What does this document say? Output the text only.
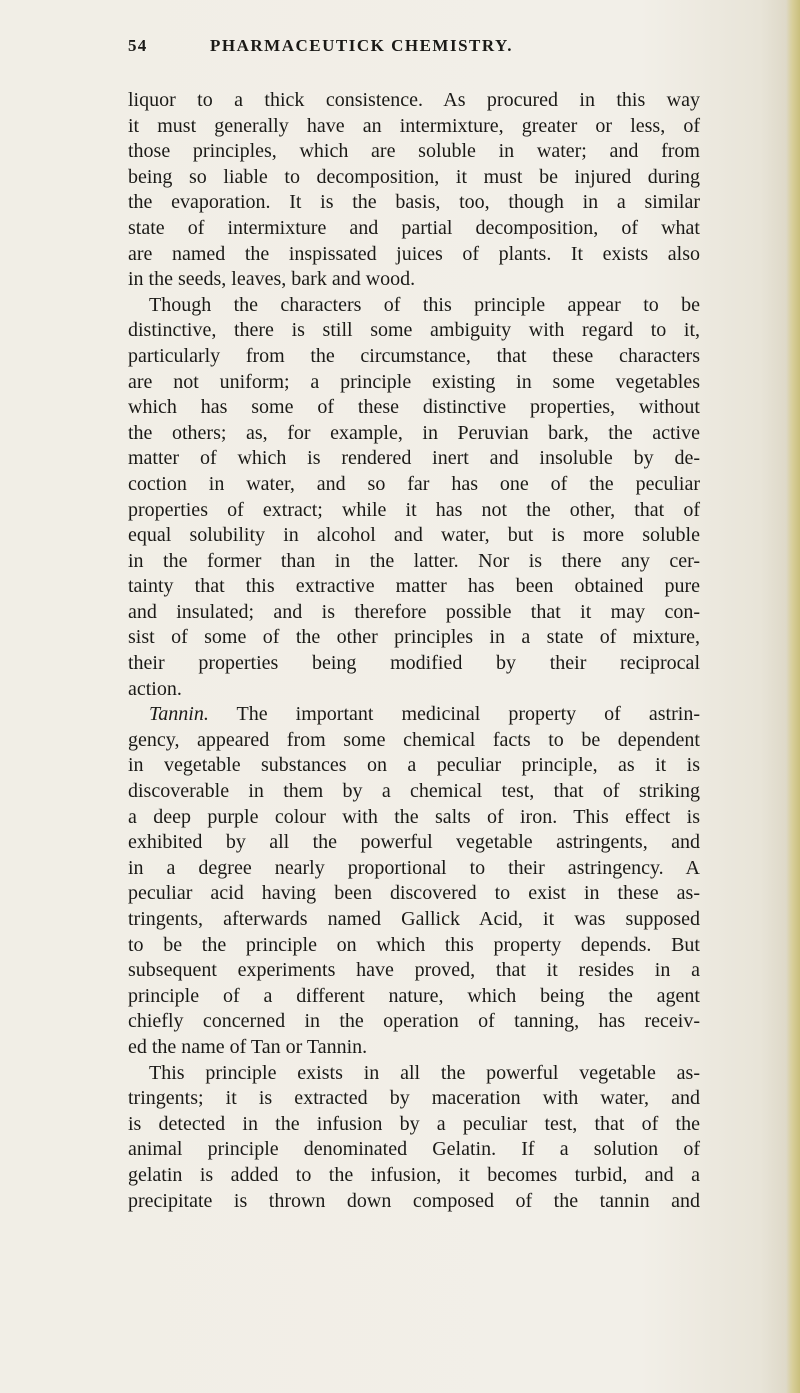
54	PHARMACEUTICK CHEMISTRY.
liquor to a thick consistence. As procured in this way
it must generally have an intermixture, greater or less, of
those principles, which are soluble in water; and from
being so liable to decomposition, it must be injured during
the evaporation. It is the basis, too, though in a similar
state of intermixture and partial decomposition, of what
are named the inspissated juices of plants. It exists also
in the seeds, leaves, bark and wood.
Though the characters of this principle appear to be
distinctive, there is still some ambiguity with regard to it,
particularly from the circumstance, that these characters
are not uniform; a principle existing in some vegetables
which has some of these distinctive properties, without
the others; as, for example, in Peruvian bark, the active
matter of which is rendered inert and insoluble by de-
coction in water, and so far has one of the peculiar
properties of extract; while it has not the other, that of
equal solubility in alcohol and water, but is more soluble
in the former than in the latter. Nor is there any cer-
tainty that this extractive matter has been obtained pure
and insulated; and is therefore possible that it may con-
sist of some of the other principles in a state of mixture,
their properties being modified by their reciprocal
action.
Tannin. The important medicinal property of astrin-
gency, appeared from some chemical facts to be dependent
in vegetable substances on a peculiar principle, as it is
discoverable in them by a chemical test, that of striking
a deep purple colour with the salts of iron. This effect is
exhibited by all the powerful vegetable astringents, and
in a degree nearly proportional to their astringency. A
peculiar acid having been discovered to exist in these as-
tringents, afterwards named Gallick Acid, it was supposed
to be the principle on which this property depends. But
subsequent experiments have proved, that it resides in a
principle of a different nature, which being the agent
chiefly concerned in the operation of tanning, has receiv-
ed the name of Tan or Tannin.
This principle exists in all the powerful vegetable as-
tringents; it is extracted by maceration with water, and
is detected in the infusion by a peculiar test, that of the
animal principle denominated Gelatin. If a solution of
gelatin is added to the infusion, it becomes turbid, and a
precipitate is thrown down composed of the tannin and
